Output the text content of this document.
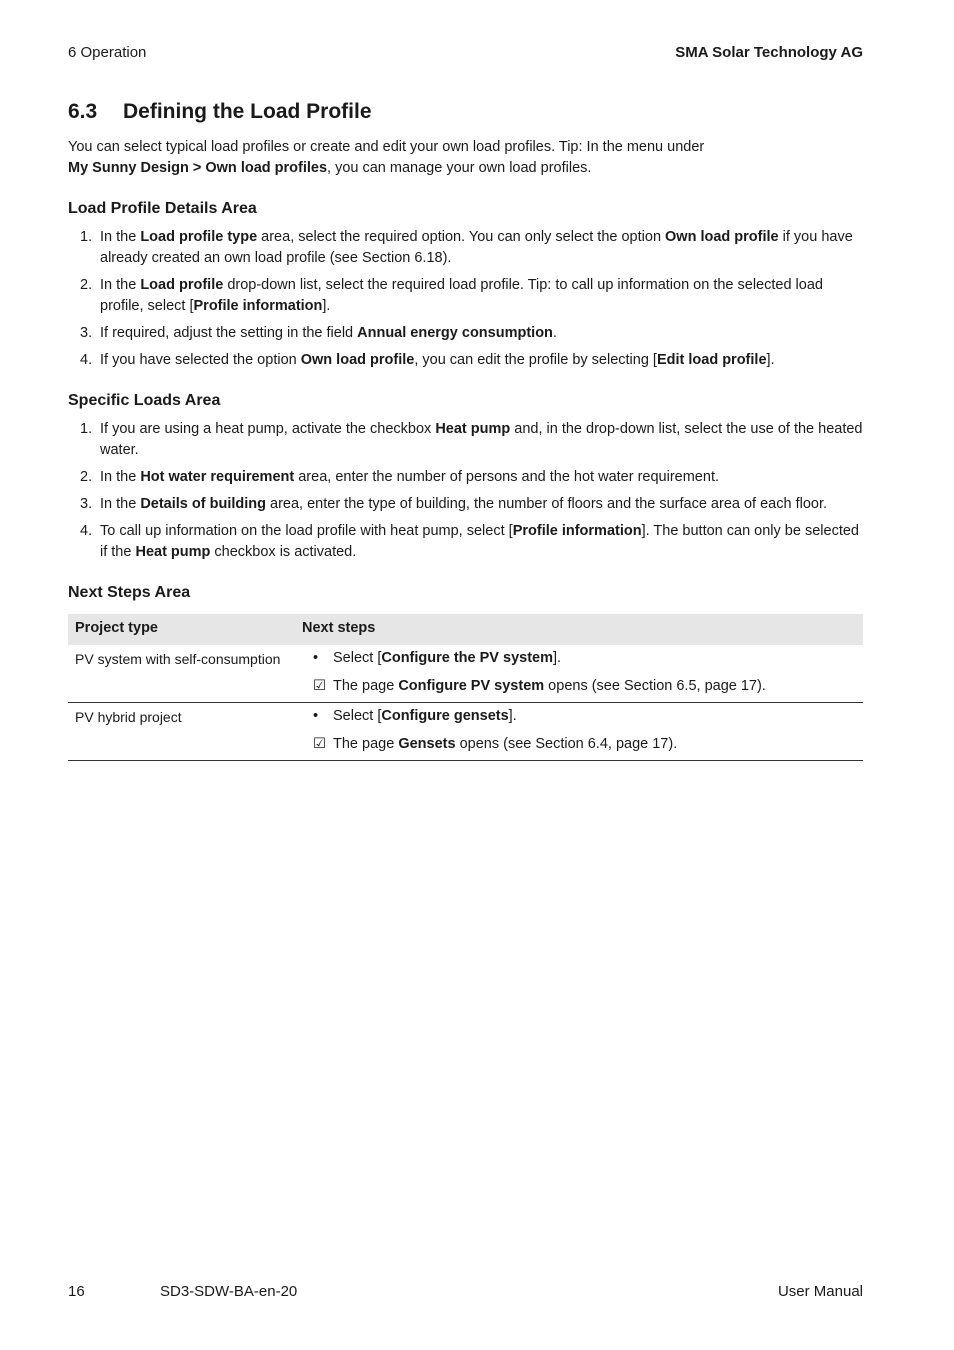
6 Operation	SMA Solar Technology AG
6.3 Defining the Load Profile

You can select typical load profiles or create and edit your own load profiles. Tip: In the menu under
My Sunny Design > Own load profiles, you can manage your own load profiles.

Load Profile Details Area
1. In the Load profile type area, select the required option. You can only select the option Own load profile if you have already created an own load profile (see Section 6.18).
2. In the Load profile drop-down list, select the required load profile. Tip: to call up information on the selected load profile, select [Profile information].
3. If required, adjust the setting in the field Annual energy consumption.
4. If you have selected the option Own load profile, you can edit the profile by selecting [Edit load profile].
Specific Loads Area
1. If you are using a heat pump, activate the checkbox Heat pump and, in the drop-down list, select the use of the heated water.
2. In the Hot water requirement area, enter the number of persons and the hot water requirement.
3. In the Details of building area, enter the type of building, the number of floors and the surface area of each floor.
4. To call up information on the load profile with heat pump, select [Profile information]. The button can only be selected if the Heat pump checkbox is activated.
Next Steps Area
Project type	Next steps
PV system with self-consumption • Select [Configure the PV system].
☑ The page Configure PV system opens (see Section 6.5, page 17).
PV hybrid project	• Select [Configure gensets].
☑ The page Gensets opens (see Section 6.4, page 17).
16	SD3-SDW-BA-en-20	User Manual
